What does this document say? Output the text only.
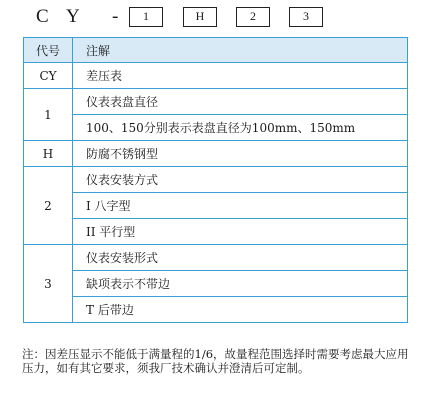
C Y -	1	H	2	3
代号	注解
CY	差压表
1	仪表表盘直径
	100、150分别表示表盘直径为100mm、150mm
H	防腐不锈钢型
2	仪表安装方式
	I 八字型
	II 平行型
3	仪表安装形式
	缺项表示不带边
	T 后带边

注：因差压显示不能低于满量程的1/6，故量程范围选择时需要考虑最大应用压力，如有其它要求，须我厂技术确认并澄清后可定制。
